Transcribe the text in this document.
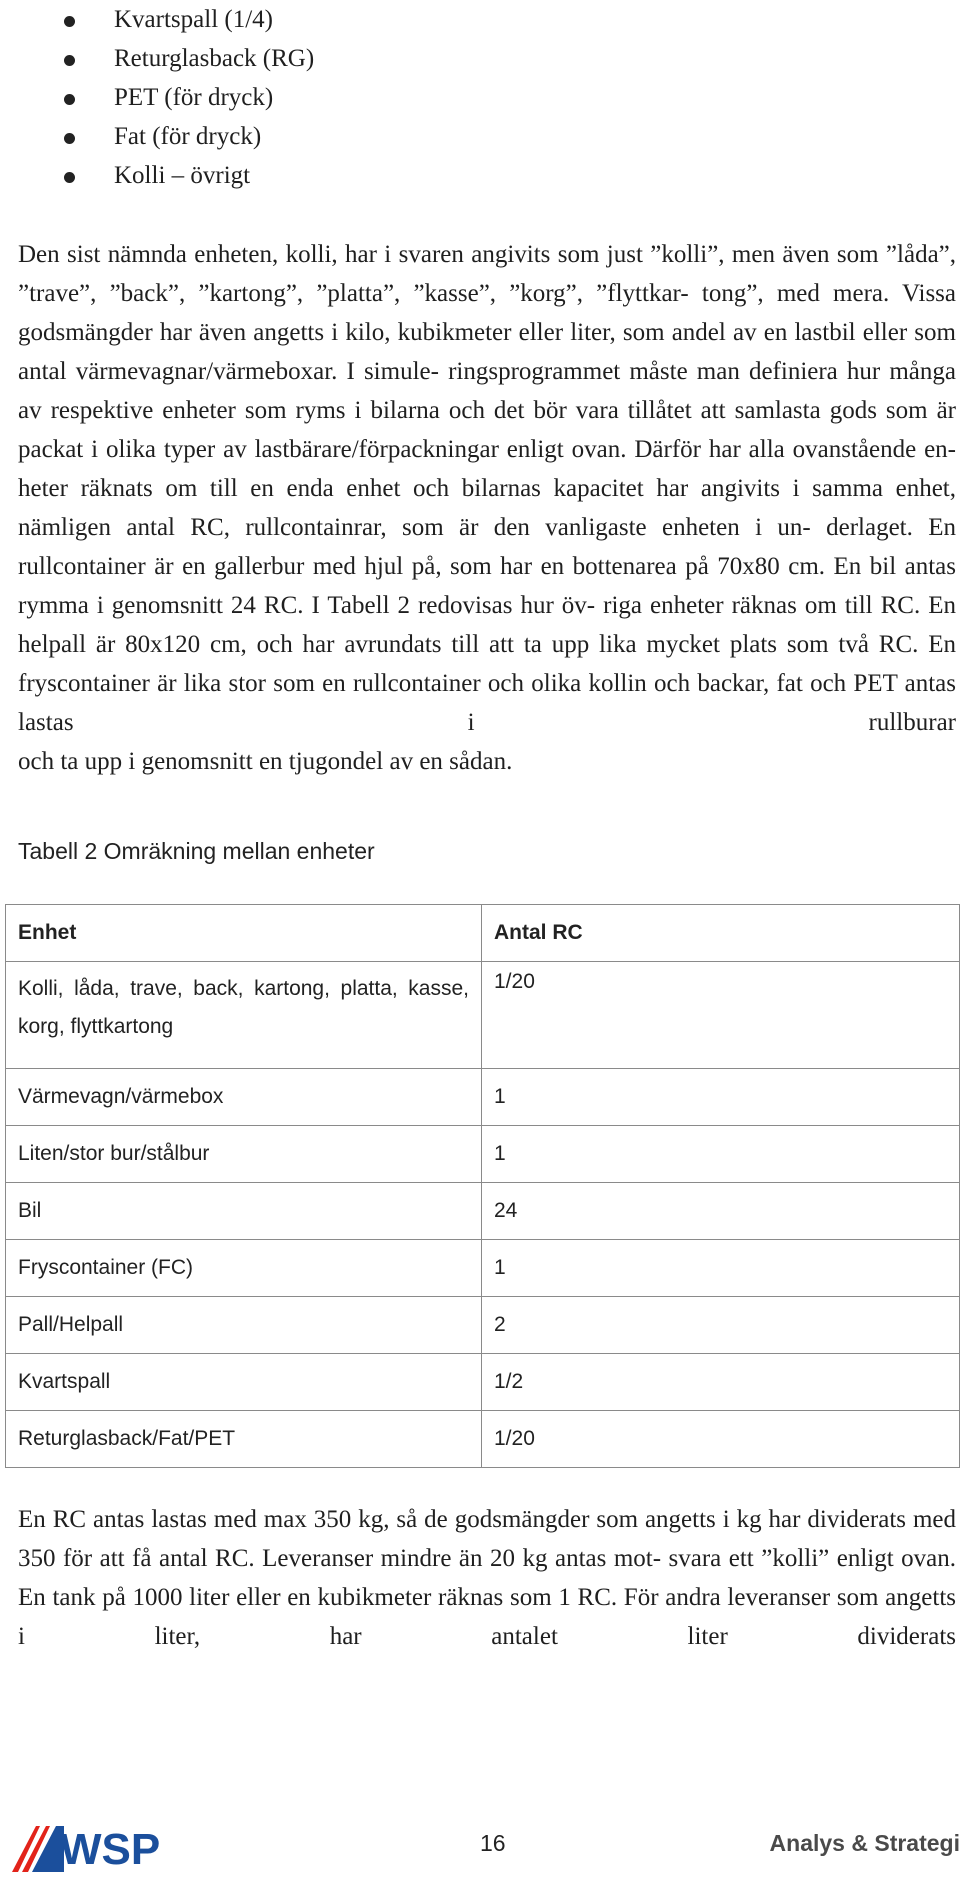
Kvartspall (1/4)
Returglasback (RG)
PET (för dryck)
Fat (för dryck)
Kolli – övrigt

Den sist nämnda enheten, kolli, har i svaren angivits som just ”kolli”, men även som ”låda”, ”trave”, ”back”, ”kartong”, ”platta”, ”kasse”, ”korg”, ”flyttkar- tong”, med mera. Vissa godsmängder har även angetts i kilo, kubikmeter eller liter, som andel av en lastbil eller som antal värmevagnar/värmeboxar. I simule- ringsprogrammet måste man definiera hur många av respektive enheter som ryms i bilarna och det bör vara tillåtet att samlasta gods som är packat i olika typer av lastbärare/förpackningar enligt ovan. Därför har alla ovanstående en- heter räknats om till en enda enhet och bilarnas kapacitet har angivits i samma enhet, nämligen antal RC, rullcontainrar, som är den vanligaste enheten i un- derlaget. En rullcontainer är en gallerbur med hjul på, som har en bottenarea på 70x80 cm. En bil antas rymma i genomsnitt 24 RC. I Tabell 2 redovisas hur öv- riga enheter räknas om till RC. En helpall är 80x120 cm, och har avrundats till att ta upp lika mycket plats som två RC. En fryscontainer är lika stor som en rullcontainer och olika kollin och backar, fat och PET antas lastas i rullburar
och ta upp i genomsnitt en tjugondel av en sådan.

Tabell 2 Omräkning mellan enheter
Enhet	Antal RC
Kolli, låda, trave, back, kartong, platta, kasse, korg, flyttkartong	1/20
Värmevagn/värmebox	1
Liten/stor bur/stålbur	1
Bil	24
Fryscontainer (FC)	1
Pall/Helpall	2
Kvartspall	1/2
Returglasback/Fat/PET	1/20

En RC antas lastas med max 350 kg, så de godsmängder som angetts i kg har dividerats med 350 för att få antal RC. Leveranser mindre än 20 kg antas mot- svara ett ”kolli” enligt ovan. En tank på 1000 liter eller en kubikmeter räknas som 1 RC. För andra leveranser som angetts i liter, har antalet liter dividerats

WSP	16	Analys & Strategi
